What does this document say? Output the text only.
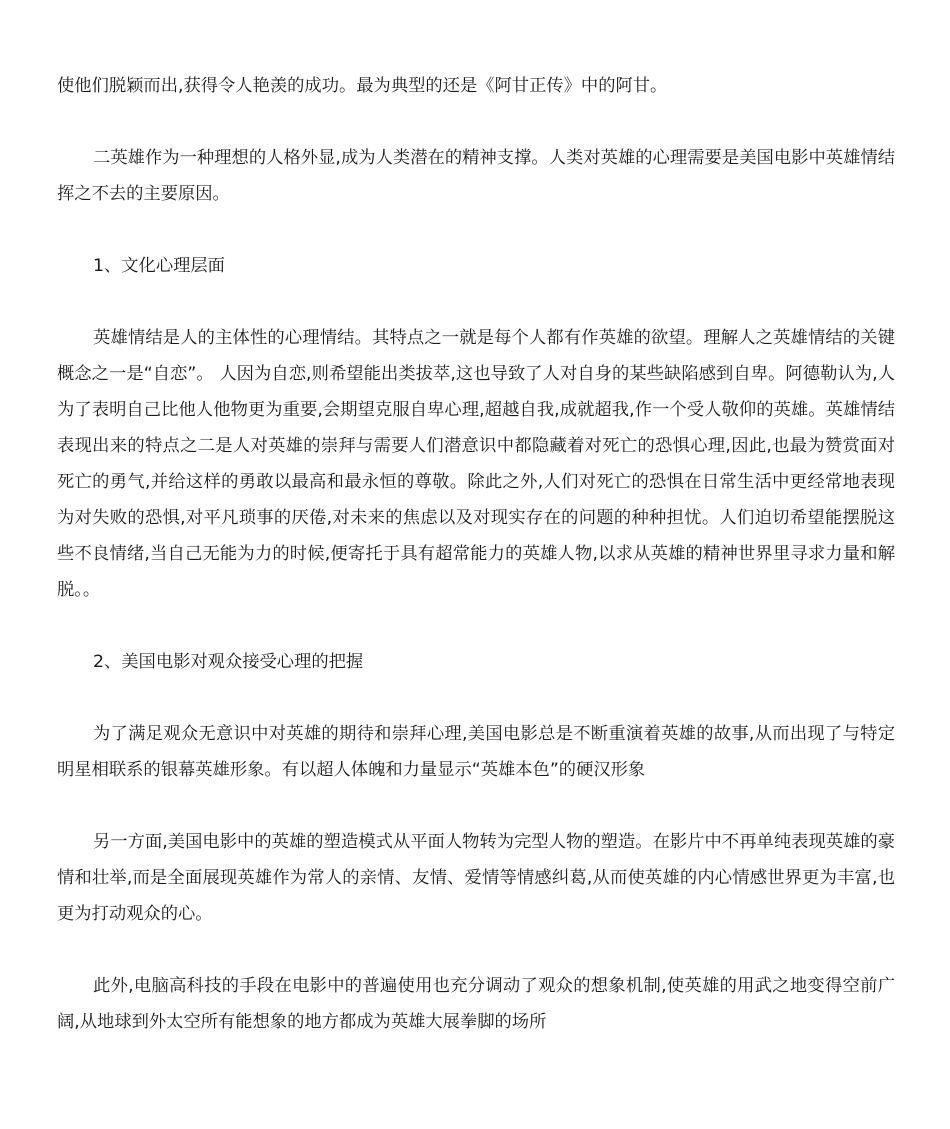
使他们脱颖而出,获得令人艳羡的成功。最为典型的还是《阿甘正传》中的阿甘。

二英雄作为一种理想的人格外显,成为人类潜在的精神支撑。人类对英雄的心理需要是美国电影中英雄情结挥之不去的主要原因。

1、文化心理层面

英雄情结是人的主体性的心理情结。其特点之一就是每个人都有作英雄的欲望。理解人之英雄情结的关键概念之一是“自恋”。 人因为自恋,则希望能出类拔萃,这也导致了人对自身的某些缺陷感到自卑。阿德勒认为,人为了表明自己比他人他物更为重要,会期望克服自卑心理,超越自我,成就超我,作一个受人敬仰的英雄。英雄情结表现出来的特点之二是人对英雄的崇拜与需要人们潜意识中都隐藏着对死亡的恐惧心理,因此,也最为赞赏面对死亡的勇气,并给这样的勇敢以最高和最永恒的尊敬。除此之外,人们对死亡的恐惧在日常生活中更经常地表现为对失败的恐惧,对平凡琐事的厌倦,对未来的焦虑以及对现实存在的问题的种种担忧。人们迫切希望能摆脱这些不良情绪,当自己无能为力的时候,便寄托于具有超常能力的英雄人物,以求从英雄的精神世界里寻求力量和解脱。。

2、美国电影对观众接受心理的把握

为了满足观众无意识中对英雄的期待和崇拜心理,美国电影总是不断重演着英雄的故事,从而出现了与特定明星相联系的银幕英雄形象。有以超人体魄和力量显示“英雄本色”的硬汉形象

另一方面,美国电影中的英雄的塑造模式从平面人物转为完型人物的塑造。在影片中不再单纯表现英雄的豪情和壮举,而是全面展现英雄作为常人的亲情、友情、爱情等情感纠葛,从而使英雄的内心情感世界更为丰富,也更为打动观众的心。

此外,电脑高科技的手段在电影中的普遍使用也充分调动了观众的想象机制,使英雄的用武之地变得空前广阔,从地球到外太空所有能想象的地方都成为英雄大展拳脚的场所
